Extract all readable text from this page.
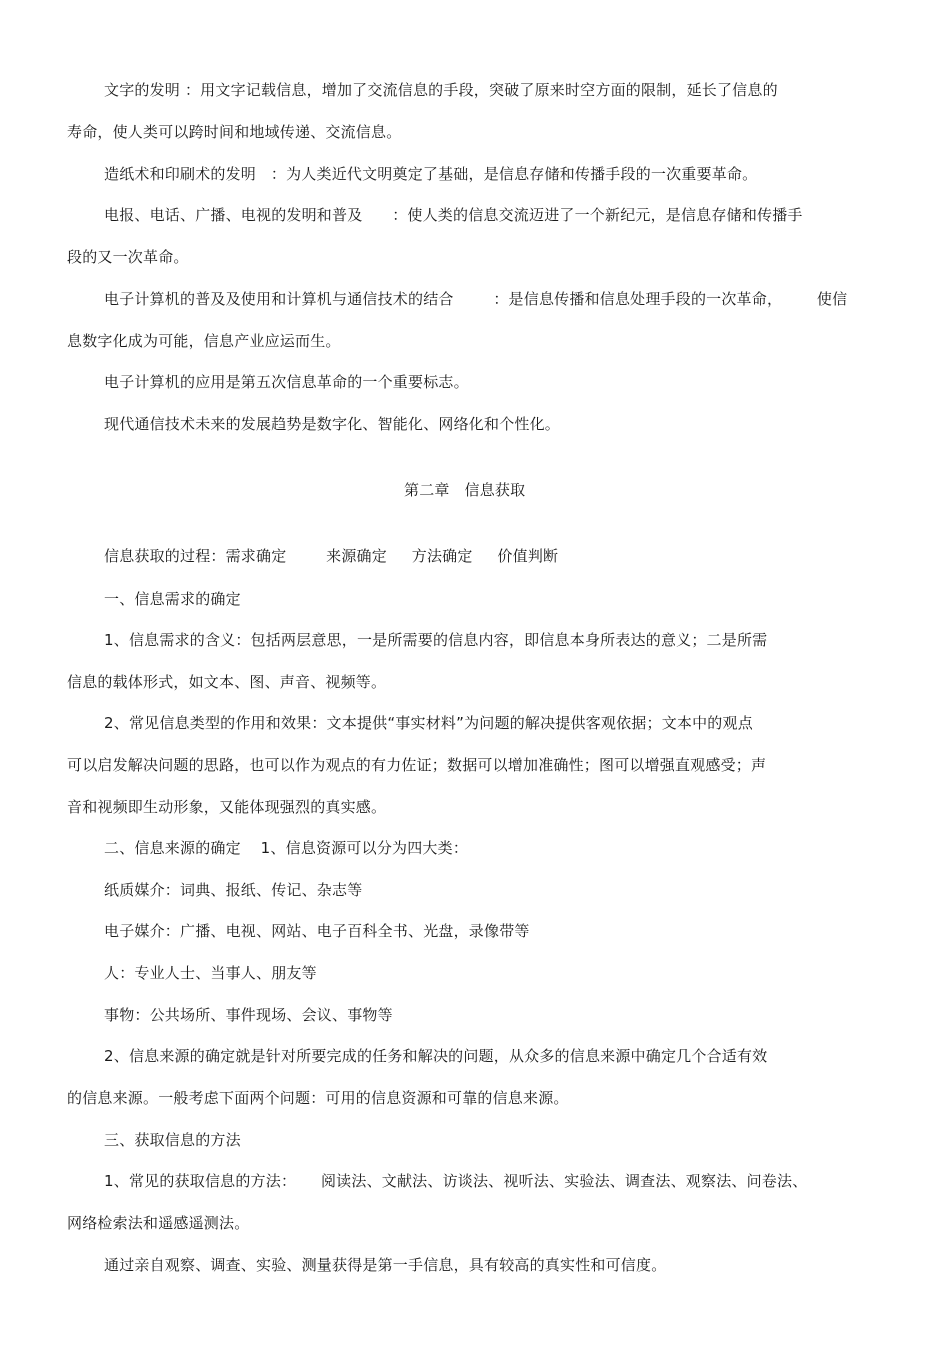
文字的发明 ：用文字记载信息，增加了交流信息的手段，突破了原来时空方面的限制，延长了信息的
寿命，使人类可以跨时间和地域传递、交流信息。
造纸术和印刷术的发明   ：为人类近代文明奠定了基础，是信息存储和传播手段的一次重要革命。
电报、电话、广播、电视的发明和普及      ：使人类的信息交流迈进了一个新纪元，是信息存储和传播手
段的又一次革命。
电子计算机的普及及使用和计算机与通信技术的结合        ：是信息传播和信息处理手段的一次革命，       使信
息数字化成为可能，信息产业应运而生。
电子计算机的应用是第五次信息革命的一个重要标志。
现代通信技术未来的发展趋势是数字化、智能化、网络化和个性化。
第二章   信息获取
信息获取的过程：需求确定        来源确定     方法确定     价值判断
一、信息需求的确定
1、信息需求的含义：包括两层意思，一是所需要的信息内容，即信息本身所表达的意义；二是所需
信息的载体形式，如文本、图、声音、视频等。
2、常见信息类型的作用和效果：文本提供“事实材料”为问题的解决提供客观依据；文本中的观点
可以启发解决问题的思路，也可以作为观点的有力佐证；数据可以增加准确性；图可以增强直观感受；声
音和视频即生动形象，又能体现强烈的真实感。
二、信息来源的确定    1、信息资源可以分为四大类：
纸质媒介：词典、报纸、传记、杂志等
电子媒介：广播、电视、网站、电子百科全书、光盘，录像带等
人：专业人士、当事人、朋友等
事物：公共场所、事件现场、会议、事物等
2、信息来源的确定就是针对所要完成的任务和解决的问题，从众多的信息来源中确定几个合适有效
的信息来源。一般考虑下面两个问题：可用的信息资源和可靠的信息来源。
三、获取信息的方法
1、常见的获取信息的方法：     阅读法、文献法、访谈法、视听法、实验法、调查法、观察法、问卷法、
网络检索法和遥感遥测法。
通过亲自观察、调查、实验、测量获得是第一手信息，具有较高的真实性和可信度。
